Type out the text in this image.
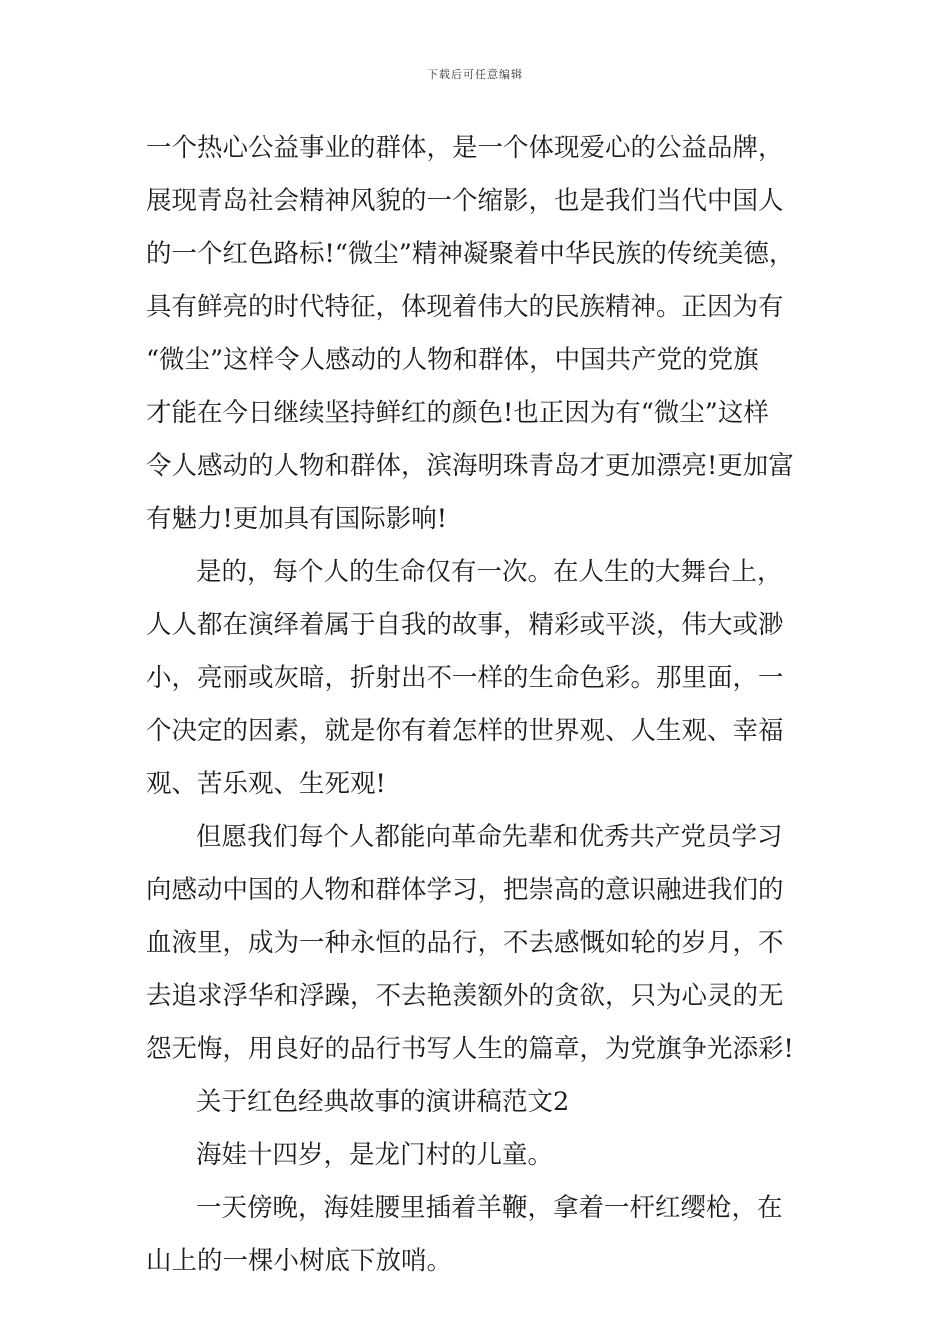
下载后可任意编辑
一个热心公益事业的群体，是一个体现爱心的公益品牌，
展现青岛社会精神风貌的一个缩影，也是我们当代中国人
的一个红色路标!“微尘”精神凝聚着中华民族的传统美德，
具有鲜亮的时代特征，体现着伟大的民族精神。正因为有
“微尘”这样令人感动的人物和群体，中国共产党的党旗
才能在今日继续坚持鲜红的颜色!也正因为有“微尘”这样
令人感动的人物和群体，滨海明珠青岛才更加漂亮!更加富
有魅力!更加具有国际影响!
是的，每个人的生命仅有一次。在人生的大舞台上，
人人都在演绎着属于自我的故事，精彩或平淡，伟大或渺
小，亮丽或灰暗，折射出不一样的生命色彩。那里面，一
个决定的因素，就是你有着怎样的世界观、人生观、幸福
观、苦乐观、生死观!
但愿我们每个人都能向革命先辈和优秀共产党员学习
向感动中国的人物和群体学习，把崇高的意识融进我们的
血液里，成为一种永恒的品行，不去感慨如轮的岁月，不
去追求浮华和浮躁，不去艳羡额外的贪欲，只为心灵的无
怨无悔，用良好的品行书写人生的篇章，为党旗争光添彩!
关于红色经典故事的演讲稿范文2
海娃十四岁，是龙门村的儿童。
一天傍晚，海娃腰里插着羊鞭，拿着一杆红缨枪，在
山上的一棵小树底下放哨。
